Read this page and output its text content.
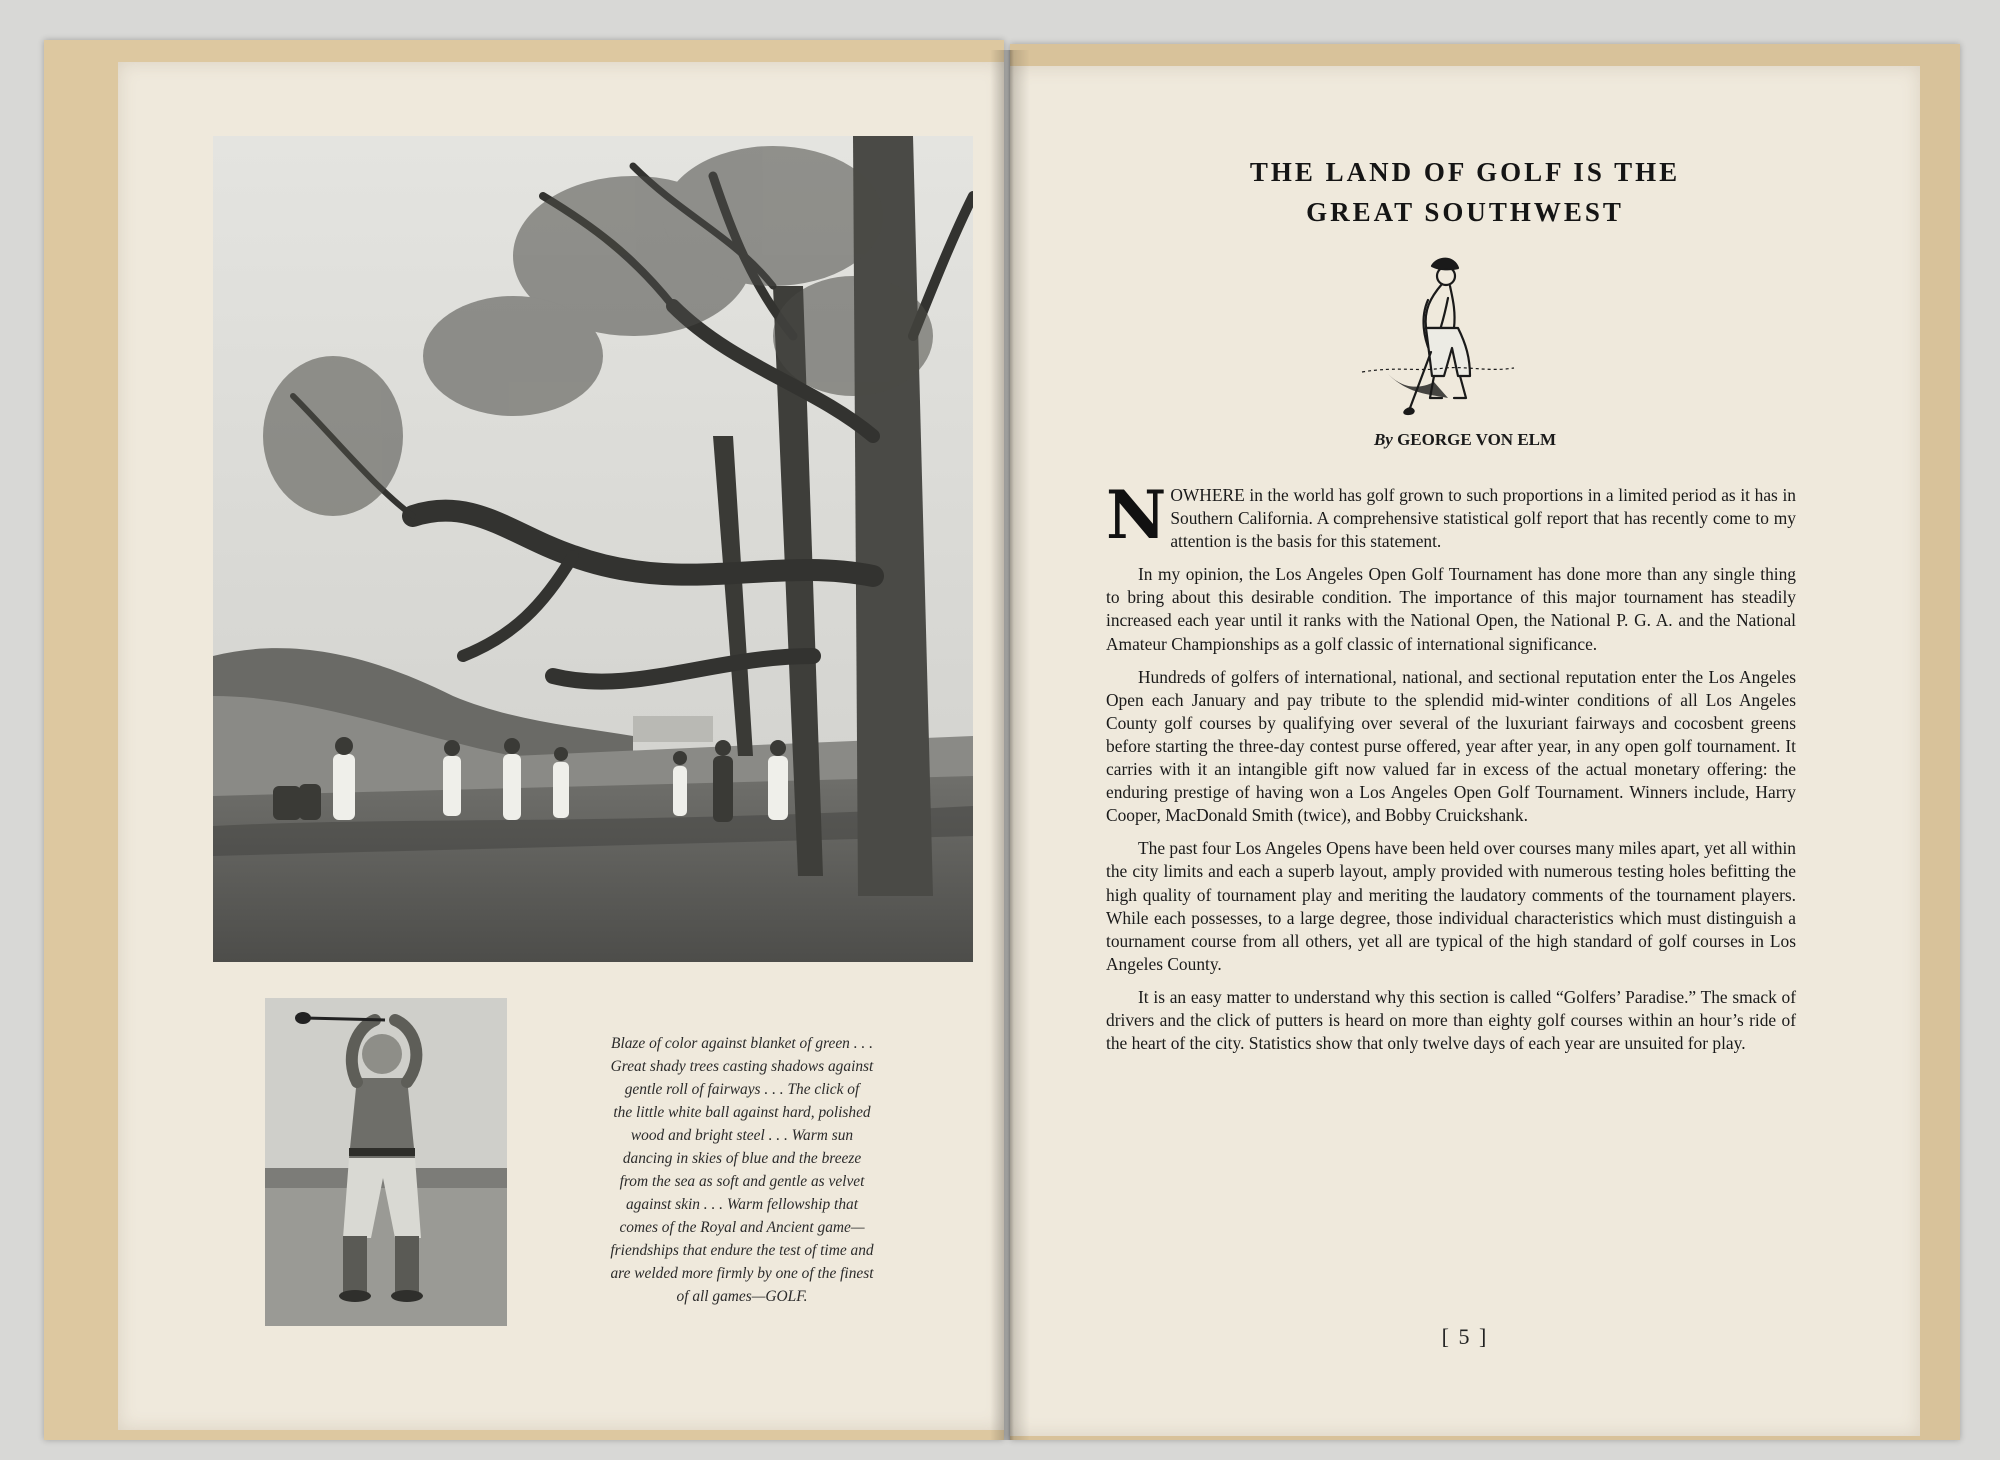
Blaze of color against blanket of green . . .

Great shady trees casting shadows against

gentle roll of fairways . . . The click of

the little white ball against hard, polished

wood and bright steel . . . Warm sun

dancing in skies of blue and the breeze

from the sea as soft and gentle as velvet

against skin . . . Warm fellowship that

comes of the Royal and Ancient game—

friendships that endure the test of time and

are welded more firmly by one of the finest

of all games—GOLF.

THE LAND OF GOLF IS THE
GREAT SOUTHWEST
By GEORGE VON ELM

NOWHERE in the world has golf grown to such proportions in a limited period as it has in Southern California. A comprehensive statistical golf report that has recently come to my attention is the basis for this statement.

In my opinion, the Los Angeles Open Golf Tournament has done more than any single thing to bring about this desirable condition. The importance of this major tournament has steadily increased each year until it ranks with the National Open, the National P. G. A. and the National Amateur Championships as a golf classic of international significance.

Hundreds of golfers of international, national, and sectional reputation enter the Los Angeles Open each January and pay tribute to the splendid mid-winter conditions of all Los Angeles County golf courses by qualifying over several of the luxuriant fairways and cocosbent greens before starting the three-day contest purse offered, year after year, in any open golf tournament. It carries with it an intangible gift now valued far in excess of the actual monetary offering: the enduring prestige of having won a Los Angeles Open Golf Tournament. Winners include, Harry Cooper, MacDonald Smith (twice), and Bobby Cruickshank.

The past four Los Angeles Opens have been held over courses many miles apart, yet all within the city limits and each a superb layout, amply provided with numerous testing holes befitting the high quality of tournament play and meriting the laudatory comments of the tournament players. While each possesses, to a large degree, those individual characteristics which must distinguish a tournament course from all others, yet all are typical of the high standard of golf courses in Los Angeles County.

It is an easy matter to understand why this section is called “Golfers’ Paradise.” The smack of drivers and the click of putters is heard on more than eighty golf courses within an hour’s ride of the heart of the city. Statistics show that only twelve days of each year are unsuited for play.

[ 5 ]
